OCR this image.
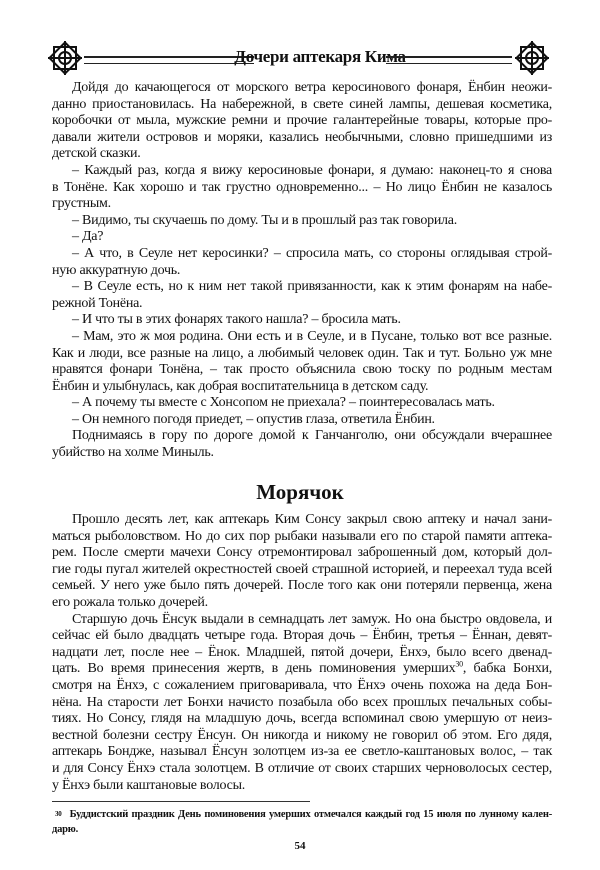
Дочери аптекаря Кима
Дойдя до качающегося от морского ветра керосинового фонаря, Ёнбин неожи-
данно приостановилась. На набережной, в свете синей лампы, дешевая косметика,
коробочки от мыла, мужские ремни и прочие галантерейные товары, которые про-
давали жители островов и моряки, казались необычными, словно пришедшими из
детской сказки.
– Каждый раз, когда я вижу керосиновые фонари, я думаю: наконец-то я снова
в Тонёне. Как хорошо и так грустно одновременно... – Но лицо Ёнбин не казалось
грустным.
– Видимо, ты скучаешь по дому. Ты и в прошлый раз так говорила.
– Да?
– А что, в Сеуле нет керосинки? – спросила мать, со стороны оглядывая строй-
ную аккуратную дочь.
– В Сеуле есть, но к ним нет такой привязанности, как к этим фонарям на набе-
режной Тонёна.
– И что ты в этих фонарях такого нашла? – бросила мать.
– Мам, это ж моя родина. Они есть и в Сеуле, и в Пусане, только вот все разные.
Как и люди, все разные на лицо, а любимый человек один. Так и тут. Больно уж мне
нравятся фонари Тонёна, – так просто объяснила свою тоску по родным местам
Ёнбин и улыбнулась, как добрая воспитательница в детском саду.
– А почему ты вместе с Хонсопом не приехала? – поинтересовалась мать.
– Он немного погодя приедет, – опустив глаза, ответила Ёнбин.
Поднимаясь в гору по дороге домой к Ганчанголю, они обсуждали вчерашнее
убийство на холме Миныль.
Морячок
Прошло десять лет, как аптекарь Ким Сонсу закрыл свою аптеку и начал зани-
маться рыболовством. Но до сих пор рыбаки называли его по старой памяти аптека-
рем. После смерти мачехи Сонсу отремонтировал заброшенный дом, который дол-
гие годы пугал жителей окрестностей своей страшной историей, и переехал туда всей
семьей. У него уже было пять дочерей. После того как они потеряли первенца, жена
его рожала только дочерей.
Старшую дочь Ёнсук выдали в семнадцать лет замуж. Но она быстро овдовела, и
сейчас ей было двадцать четыре года. Вторая дочь – Ёнбин, третья – Ённан, девят-
надцати лет, после нее – Ёнок. Младшей, пятой дочери, Ёнхэ, было всего двенад-
цать. Во время принесения жертв, в день поминовения умерших$^{30}$, бабка Бонхи,
смотря на Ёнхэ, с сожалением приговаривала, что Ёнхэ очень похожа на деда Бон-
нёна. На старости лет Бонхи начисто позабыла обо всех прошлых печальных собы-
тиях. Но Сонсу, глядя на младшую дочь, всегда вспоминал свою умершую от неиз-
вестной болезни сестру Ёнсун. Он никогда и никому не говорил об этом. Его дядя,
аптекарь Бондже, называл Ёнсун золотцем из-за ее светло-каштановых волос, – так
и для Сонсу Ёнхэ стала золотцем. В отличие от своих старших черноволосых сестер,
у Ёнхэ были каштановые волосы.
$^{30}$ Буддистский праздник День поминовения умерших отмечался каждый год 15 июля по лунному кален-
дарю.
54
